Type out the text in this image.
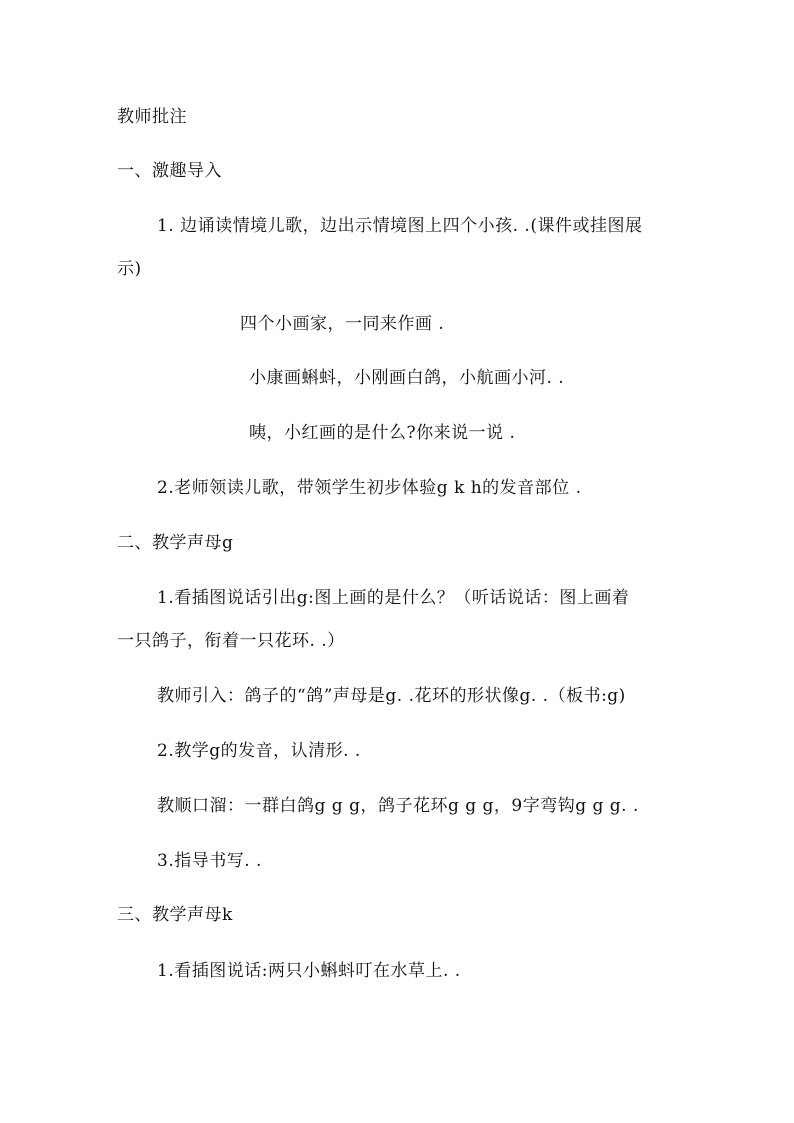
教师批注
一、激趣导入
1. 边诵读情境儿歌，边出示情境图上四个小孩. .(课件或挂图展
示)
四个小画家，一同来作画 .
小康画蝌蚪，小刚画白鸽，小航画小河. .
咦，小红画的是什么?你来说一说 .
2.老师领读儿歌，带领学生初步体验g k h的发音部位 .
二、教学声母g
1.看插图说话引出g:图上画的是什么？（听话说话：图上画着
一只鸽子，衔着一只花环. .）
教师引入：鸽子的“鸽”声母是g. .花环的形状像g. .（板书:g)
2.教学g的发音，认清形. .
教顺口溜：一群白鸽g g g，鸽子花环g g g，9字弯钩g g g. .
3.指导书写. .
三、教学声母k
1.看插图说话:两只小蝌蚪叮在水草上. .
